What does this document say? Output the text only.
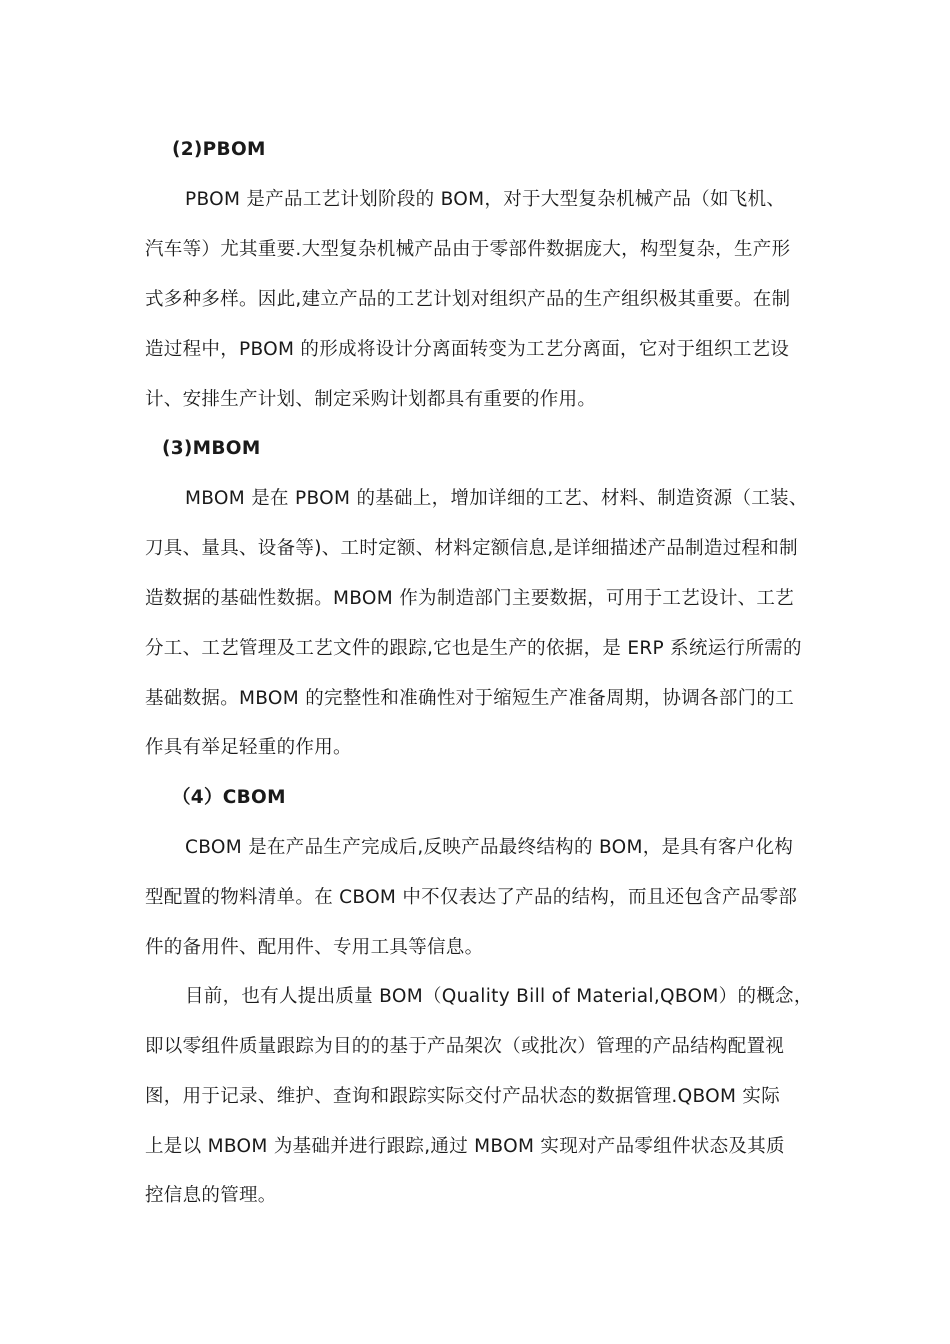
(2)PBOM
PBOM 是产品工艺计划阶段的 BOM，对于大型复杂机械产品（如飞机、
汽车等）尤其重要.大型复杂机械产品由于零部件数据庞大，构型复杂，生产形
式多种多样。因此,建立产品的工艺计划对组织产品的生产组织极其重要。在制
造过程中，PBOM 的形成将设计分离面转变为工艺分离面，它对于组织工艺设
计、安排生产计划、制定采购计划都具有重要的作用。
(3)MBOM
MBOM 是在 PBOM 的基础上，增加详细的工艺、材料、制造资源（工装、
刀具、量具、设备等)、工时定额、材料定额信息,是详细描述产品制造过程和制
造数据的基础性数据。MBOM 作为制造部门主要数据，可用于工艺设计、工艺
分工、工艺管理及工艺文件的跟踪,它也是生产的依据，是 ERP 系统运行所需的
基础数据。MBOM 的完整性和准确性对于缩短生产准备周期，协调各部门的工
作具有举足轻重的作用。
（4）CBOM
CBOM 是在产品生产完成后,反映产品最终结构的 BOM，是具有客户化构
型配置的物料清单。在 CBOM 中不仅表达了产品的结构，而且还包含产品零部
件的备用件、配用件、专用工具等信息。
目前，也有人提出质量 BOM（Quality Bill of Material,QBOM）的概念，
即以零组件质量跟踪为目的的基于产品架次（或批次）管理的产品结构配置视
图，用于记录、维护、查询和跟踪实际交付产品状态的数据管理.QBOM 实际
上是以 MBOM 为基础并进行跟踪,通过 MBOM 实现对产品零组件状态及其质
控信息的管理。
